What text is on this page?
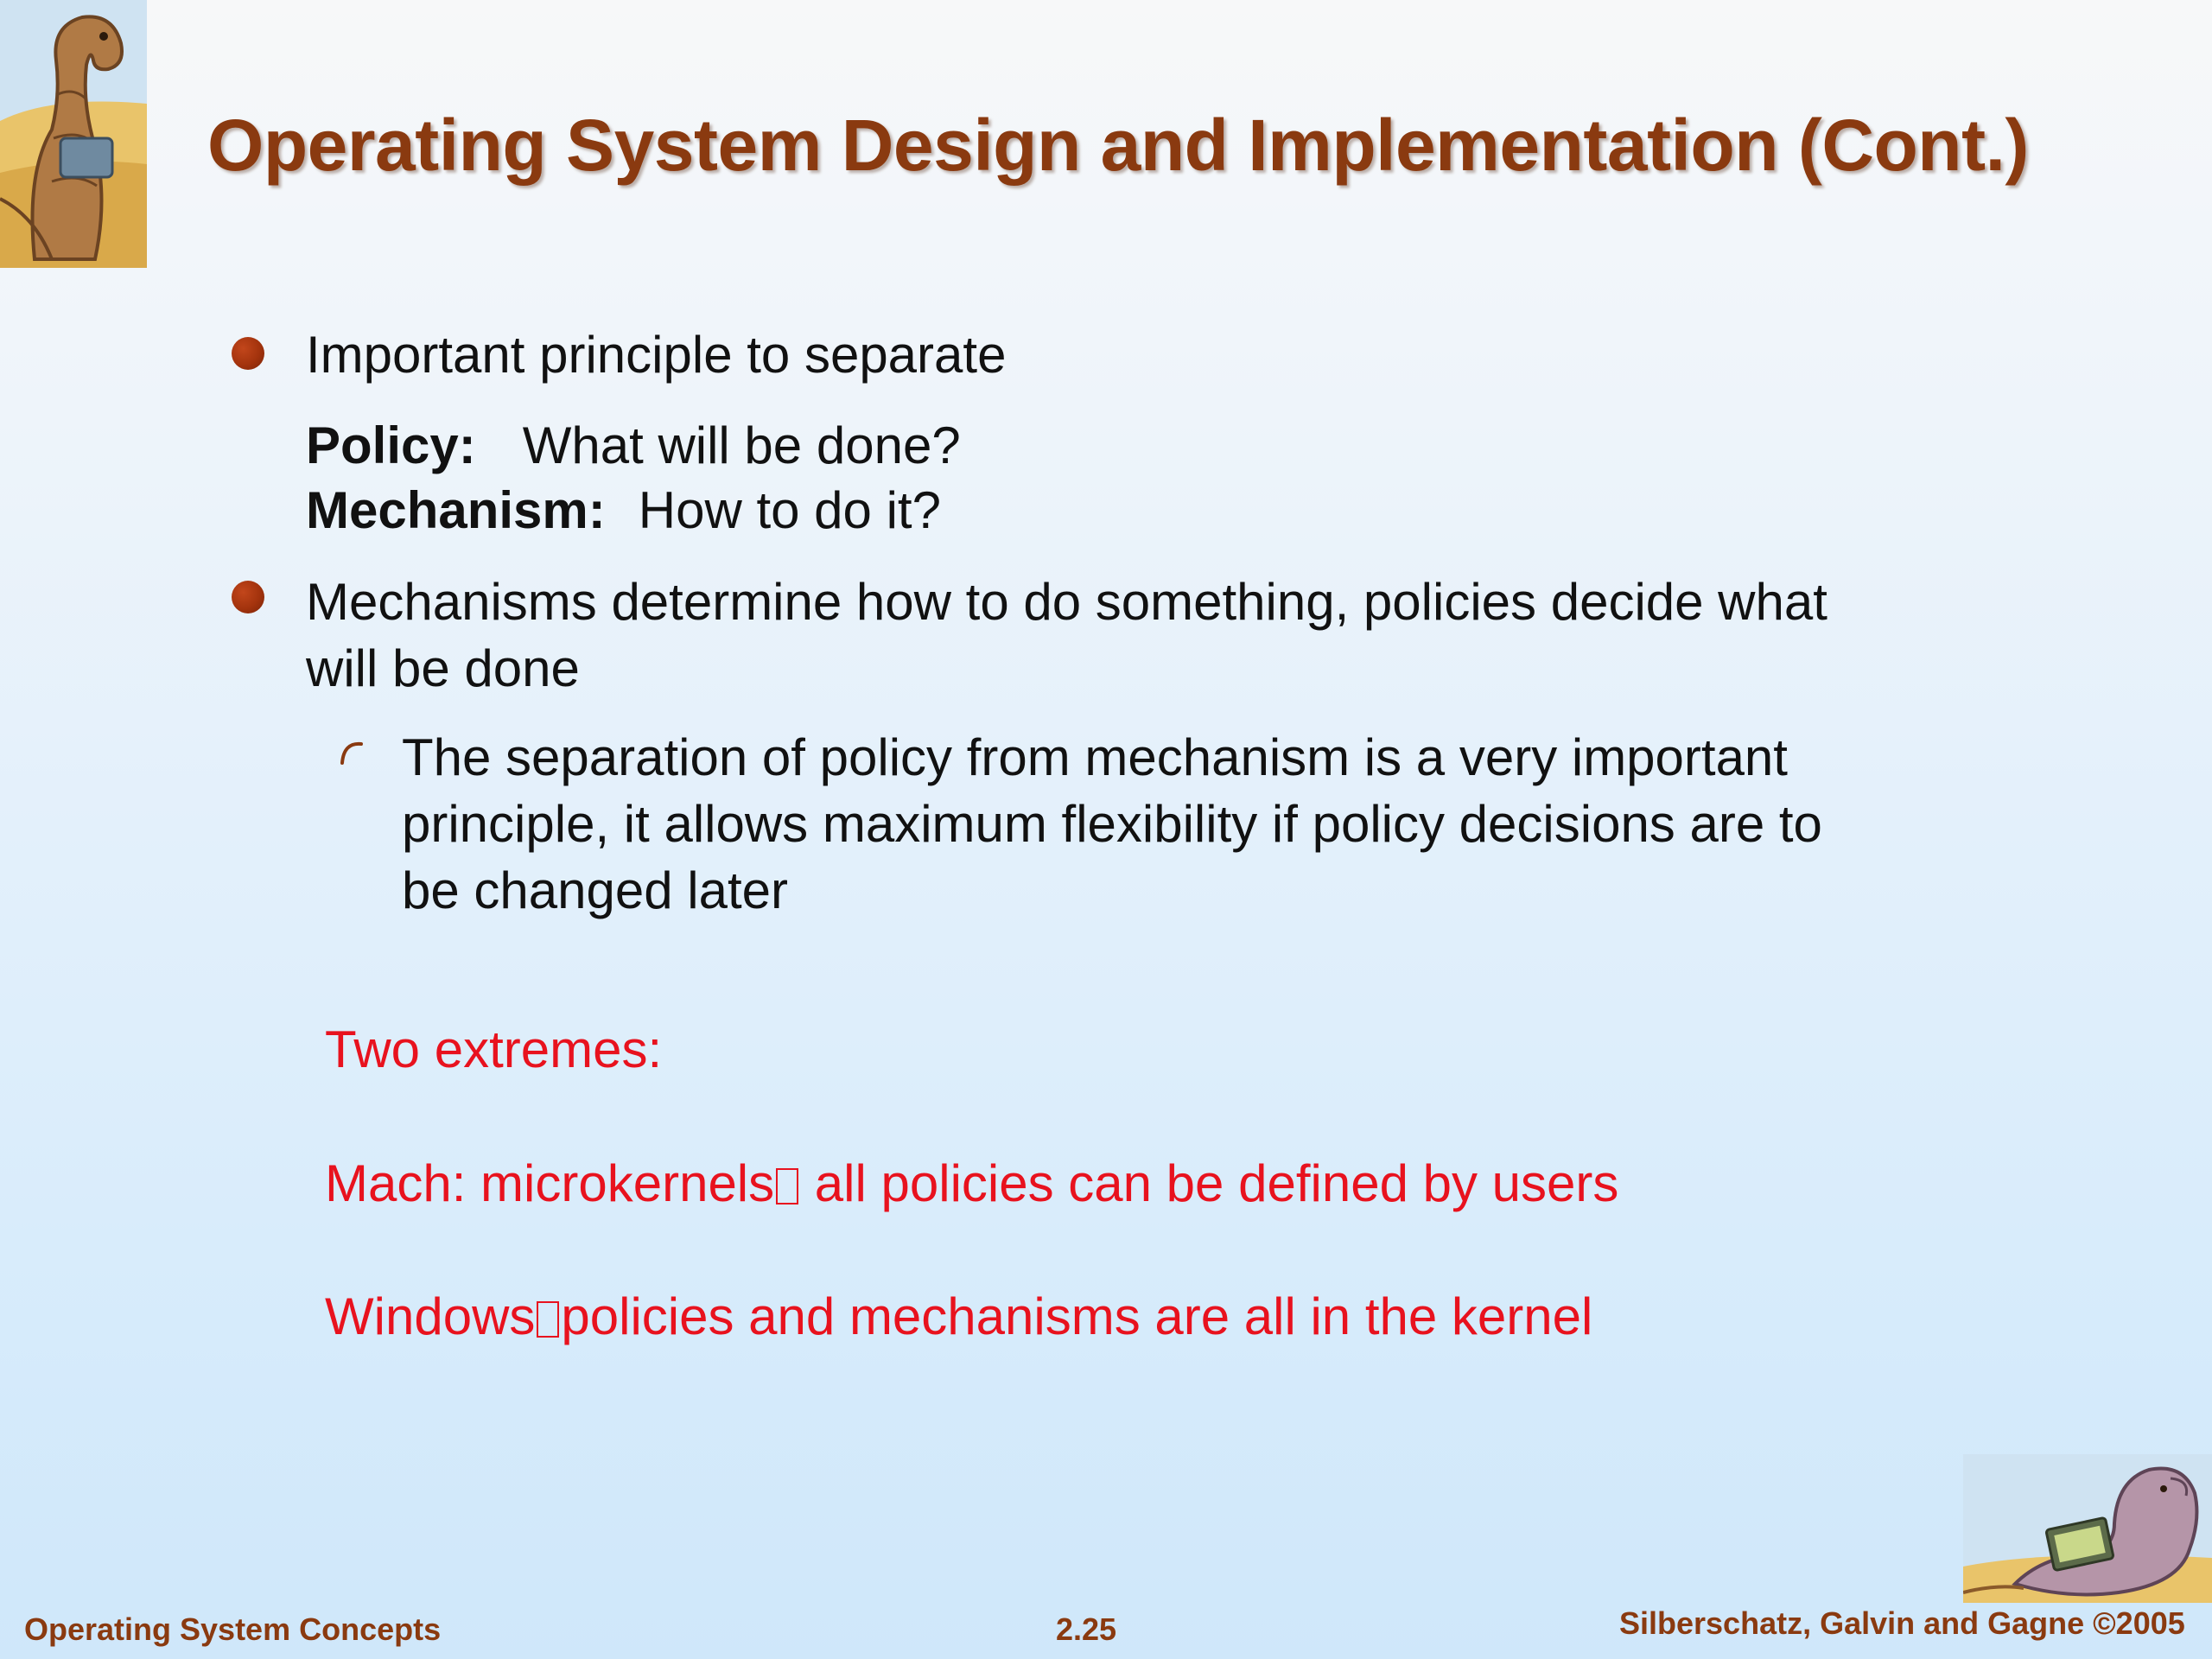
Operating System Design and Implementation (Cont.)
Important principle to separate
Policy: What will be done?
Mechanism: How to do it?
Mechanisms determine how to do something, policies decide what
will be done
The separation of policy from mechanism is a very important
principle, it allows maximum flexibility if policy decisions are to
be changed later
Two extremes:
Mach: microkernels all policies can be defined by users
Windows policies and mechanisms are all in the kernel
Operating System Concepts	2.25	Silberschatz, Galvin and Gagne ©2005
